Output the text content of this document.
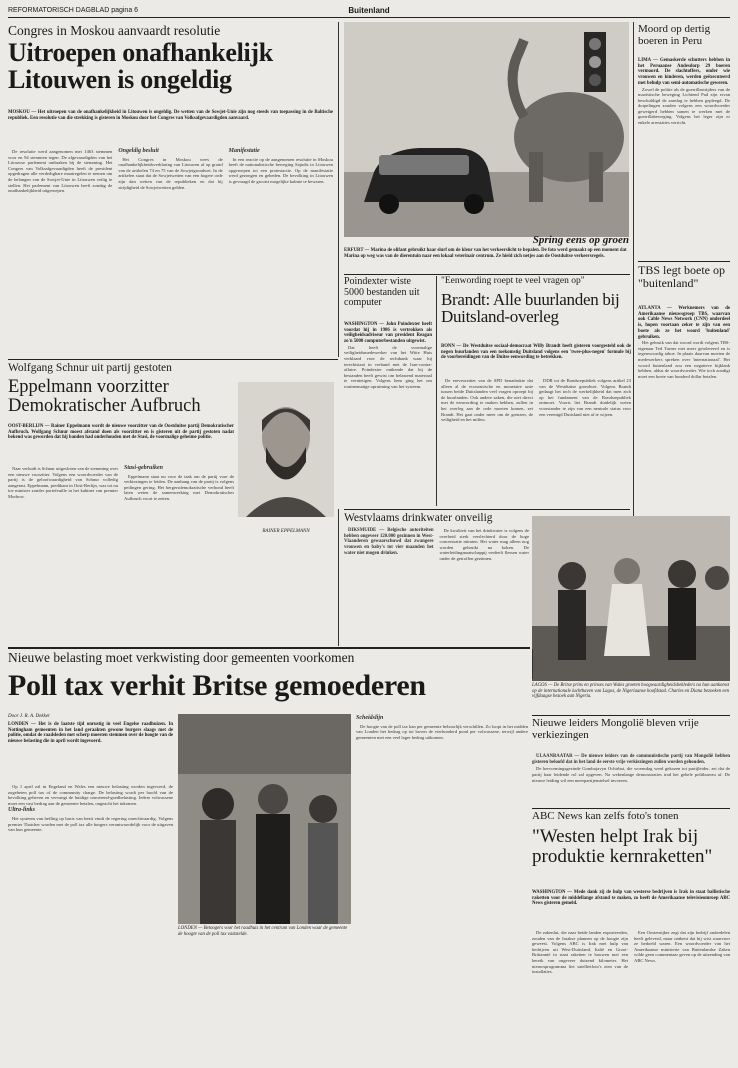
REFORMATORISCH DAGBLAD pagina 6	Buitenland
Congres in Moskou aanvaardt resolutie
Uitroepen onafhankelijk Litouwen is ongeldig

MOSKOU — Het uitroepen van de onafhankelijkheid in Litouwen is ongeldig. De wetten van de Sowjet-Unie zijn nog steeds van toepassing in de Baltische republiek. Een resolutie van die strekking is gisteren in Moskou door het Congres van Volksafgevaardigden aanvaard.

De resolutie werd aangenomen met 1463 stemmen voor en 94 stemmen tegen. De afgevaardigden van het Litouwse parlement ontbraken bij de stemming. Het Congres van Volksafgevaardigden heeft de president opgedragen alle verdedigbare maatregelen te nemen om de belangen van de Sowjet-Unie in Litouwen veilig te stellen. Het parlement van Litouwen heeft zondag de onafhankelijkheid uitgeroepen.

Ongeldig besluit

Het Congres in Moskou wees de onafhankelijkheidsverklaring van Litouwen af op grond van de artikelen 74 en 75 van de Sowjetgrondwet. In de artikelen staat dat de Sowjetwetten van een hogere orde zijn dan wetten van de republieken en dat bij strijdigheid de Sowjetwetten gelden.

Manifestatie

In een reactie op de aangenomen resolutie in Moskou heeft de nationalistische beweging Sajudis in Litouwen opgeroepen tot een protestactie. Op de manifestatie werd gezongen en gebeden. De bevolking in Litouwen is gevraagd de grootst mogelijke kalmte te bewaren.

Spring eens op groen

ERFURT — Marina de olifant gebruikt haar slurf om de kleur van het verkeerslicht te bepalen. De foto werd gemaakt op een moment dat Marina op weg was van de dierentuin naar een lokaal veterinair centrum. Ze hield zich netjes aan de Oostduitse verkeersregels.

Moord op dertig boeren in Peru

LIMA — Gemaskerde schutters hebben in het Peruaanse Andesdorp 29 boeren vermoord. De slachtoffers, onder wie vrouwen en kinderen, werden geëxecuteerd met behulp van semi-automatische geweren.

Zowel de politie als de guerrillastrijders van de maoïstische beweging Lichtend Pad zijn ervan beschuldigd de aanslag te hebben gepleegd. De dorpelingen zouden volgens een woordvoerder geweigerd hebben samen te werken met de guerrillabeweging. Volgens het leger zijn er enkele arrestaties verricht.

TBS legt boete op "buitenland"

ATLANTA — Werknemers van de Amerikaanse nieuwsgroep TBS, waarvan ook Cable News Network (CNN) onderdeel is, hopen voortaan zeker te zijn van een boete als ze het woord 'buitenland' gebruiken.

Het gebruik van dat woord wordt volgens TBS-eigenaar Ted Turner niet meer getolereerd en is tegenwoordig taboe. In plaats daarvan moeten de medewerkers spreken over 'internationaal'. Het woord buitenland zou een negatieve bijklank hebben, aldus de woordvoerder. Wie toch zondigt moet een boete van honderd dollar betalen.

Poindexter wiste 5000 bestanden uit computer

WASHINGTON — John Poindexter heeft voordat hij in 1986 is vertrokken als veiligheidsadviseur van president Reagan zo'n 5000 computerbestanden uitgewist.

Dat heeft de voormalige veiligheidsmedewerker van het Witte Huis verklaard voor de rechtbank waar hij terechtstaat in verband met de Iran-contra-affaire. Poindexter ontkende dat hij de bestanden heeft gewist om belastend materiaal te vernietigen. Volgens hem ging het om routinematige opruiming van het systeem.

"Eenwording roept te veel vragen op"
Brandt: Alle buurlanden bij Duitsland-overleg

BONN — De Westduitse sociaal-democraat Willy Brandt heeft gisteren voorgesteld ook de negen buurlanden van een toekomstig Duitsland volgens een 'twee-plus-negen' formule bij de voorbereidingen van de Duitse eenwording te betrekken.

De ereveorzitter van de SPD benadrukte dat alleen al de economische en monetaire unie tussen beide Duitslanden veel vragen oproept bij de buurlanden. Ook andere zaken, die niet direct met de eenwording te maken hebben, zullen in het overleg aan de orde moeten komen, zei Brandt. Het gaat onder meer om de grenzen, de veiligheid en het milieu.

DDR tot de Bondsrepubliek volgens artikel 23 van de Westduitse grondwet. Volgens Brandt gedaagt het toch de werkelijkheid dat men zich op het fundament van de Bondsrepubliek ontmoet. Voorts liet Brandt duidelijk weten voorstander te zijn van een neutrale status voor een verenigd Duitsland niet af te wijzen.

Wolfgang Schnur uit partij gestoten
Eppelmann voorzitter Demokratischer Aufbruch

OOST-BERLIJN — Rainer Eppelmann wordt de nieuwe voorzitter van de Oostduitse partij Demokratischer Aufbruch. Wolfgang Schnur moest afstand doen als voorzitter en is gisteren uit de partij gestoten nadat bekend was geworden dat hij banden had onderhouden met de Stasi, de voormalige geheime politie.

Naar verluidt is Schnur uitgesloten van de stemming over een nieuwe voorzitter. Volgens een woordvoerder van de partij is de geloofwaardigheid van Schnur volledig aangetast. Eppelmann, predikant in Oost-Berlijn, was tot nu toe minister zonder portefeuille in het kabinet van premier Modrow.

Stasi-gebruiken

Eppelmann staat nu voor de taak om de partij voor de verkiezingen te leiden. De aanhang van de partij is volgens peilingen gering. Het bergersdemokratische verbond heeft laten weten de samenwerking met Demokratischer Aufbruch voort te zetten.

RAINER EPPELMANN
Westvlaams drinkwater onveilig

DIKSMUIDE — Belgische autoriteiten hebben ongeveer 120.000 gezinnen in West-Vlaanderen gewaarschuwd dat zwangere vrouwen en baby's tot vier maanden het water niet mogen drinken.

De kwaliteit van het drinkwater is volgens de overheid sterk verslechterd door de hoge concentratie nitraten. Het water mag alleen nog worden gebruikt na koken. De waterleidingmaatschappij verdeelt flessen water onder de getroffen gezinnen.

LAGOS — De Britse prins en prinses van Wales groeten hoogwaardigheidsbekleders na hun aankomst op de internationale luchthaven van Lagos, de Nigeriaanse hoofdstad. Charles en Diana bezoeken een vijfdaagse bezoek aan Nigeria.

Nieuwe belasting moet verkwisting door gemeenten voorkomen
Poll tax verhit Britse gemoederen

Door J. R. A. Dekker

LONDEN — Het is de laatste tijd onrustig in veel Engelse raadhuizen. In Nottingham gemeenten in het land geraakten gewone burgers slaags met de politie, omdat de raadsleden met scherp moesten stemmen over de hoogte van de nieuwe belasting die in april wordt ingevoerd.

Op 1 april zal in Engeland en Wales een nieuwe belasting worden ingevoerd, de zogeheten poll tax of de community charge. De belasting wordt per hoofd van de bevolking geheven en vervangt de huidige onroerend-goedbelasting. Iedere volwassene moet een vast bedrag aan de gemeente betalen, ongeacht het inkomen.

Ultra-links

Het systeem van heffing op basis van bezit vindt de regering onrechtvaardig. Volgens premier Thatcher worden met de poll tax alle burgers verantwoordelijk voor de uitgaven van hun gemeente.

LONDEN — Betoogers voor het raadhuis in het centrum van Londen waar de gemeente de hoogte van de poll tax vaststelde.

Scheidslijn

De hoogte van de poll tax kan per gemeente behoorlijk verschillen. Zo loopt in het midden van Londen het bedrag op tot boven de vierhonderd pond per volwassene, terwijl andere gemeenten met een veel lager bedrag uitkomen.

Nieuwe leiders Mongolië bleven vrije verkiezingen

ULAANBAATAR — De nieuwe leiders van de communistische partij van Mongolië hebben gisteren beloofd dat in het land de eerste vrije verkiezingen zullen worden gehouden.

De hervormingsgezinde Gombojavyn Ochirbat, die woensdag werd gekozen tot partijleider, zei dat de partij haar leidende rol zal opgeven. Na wekenlange demonstraties trad het gehele politbureau af. De nieuwe leiding wil een meerpartijenstelsel invoeren.

ABC News kan zelfs foto's tonen
"Westen helpt Irak bij produktie kernraketten"

WASHINGTON — Mede dank zij de hulp van westerse bedrijven is Irak in staat ballistische raketten voor de middellange afstand te maken, zo heeft de Amerikaanse televisieomroep ABC News gisteren gemeld.

De zakenlui, die naar beide landen exporteerden, zouden van de Iraakse plannen op de hoogte zijn geweest. Volgens ABC is Irak met hulp van bedrijven uit West-Duitsland, Italië en Groot-Brittannië in staat raketten te bouwen met een bereik van ongeveer duizend kilometer. Het nieuwsprogramma liet satellietfoto's zien van de installaties.

Een Oostenrijker zegt dat zijn bedrijf onderdelen heeft geleverd, maar ontkent dat hij wist waarvoor ze bedoeld waren. Een woordvoerder van het Amerikaanse ministerie van Buitenlandse Zaken wilde geen commentaar geven op de uitzending van ABC News.
